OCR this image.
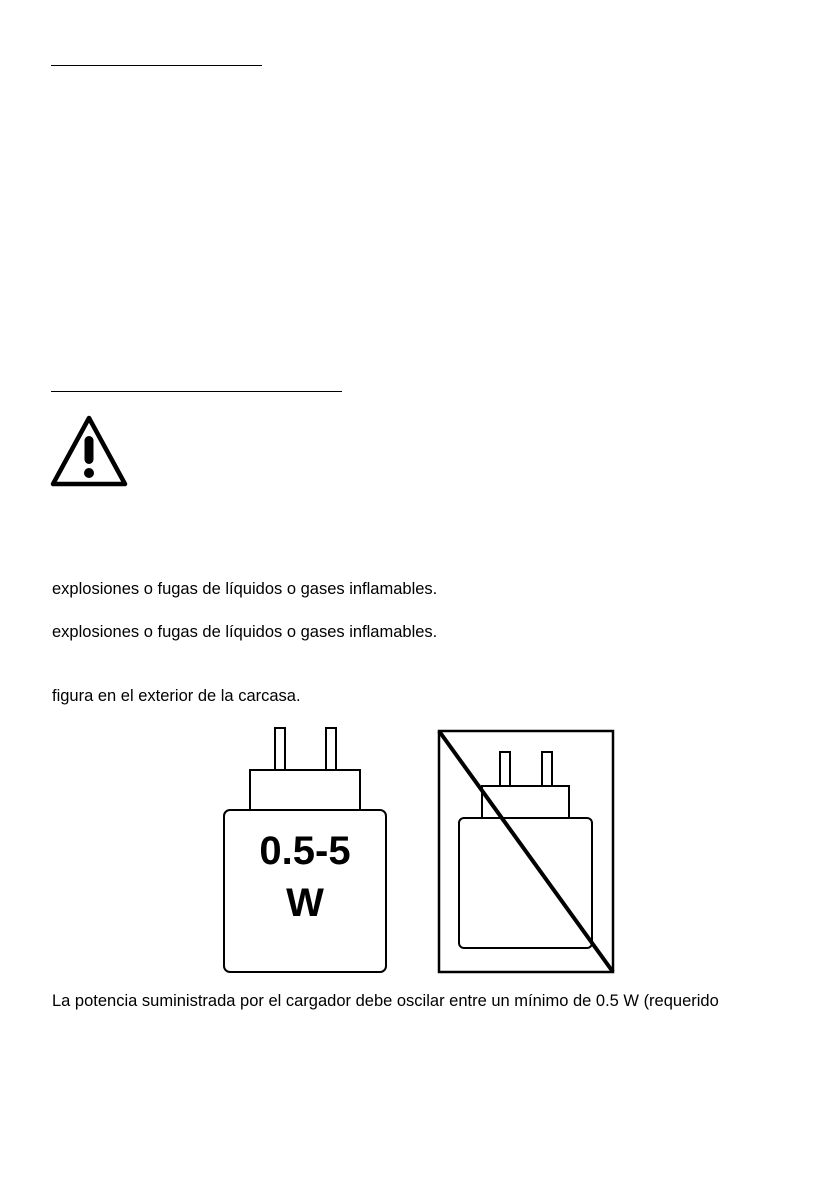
explosiones o fugas de líquidos o gases inflamables.
explosiones o fugas de líquidos o gases inflamables.
figura en el exterior de la carcasa.
0.5-5
W
La potencia suministrada por el cargador debe oscilar entre un mínimo de 0.5 W (requerido
